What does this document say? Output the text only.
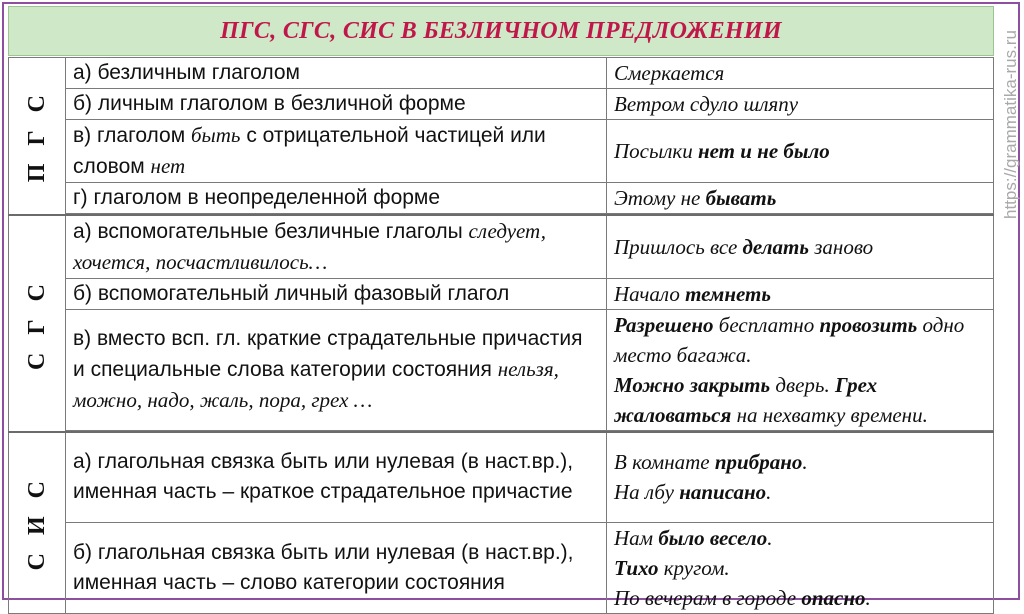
ПГС, СГС, СИС В БЕЗЛИЧНОМ ПРЕДЛОЖЕНИИ
https://grammatika-rus.ru
П Г С	а) безличным глаголом	Смеркается
	б) личным глаголом в безличной форме	Ветром сдуло шляпу
	в) глаголом быть с отрицательной частицей или словом нет	Посылки нет и не было
	г) глаголом в неопределенной форме	Этому не бывать

С Г С	а) вспомогательные безличные глаголы следует, хочется, посчастливилось…	Пришлось все делать заново
	б) вспомогательный личный фазовый глагол	Начало темнеть
	в) вместо всп. гл. краткие страдательные причастия и специальные слова категории состояния нельзя, можно, надо, жаль, пора, грех …	Разрешено бесплатно провозить одно место багажа.
Можно закрыть дверь. Грех жаловаться на нехватку времени.

С И С	а) глагольная связка быть или нулевая (в наст.вр.), именная часть – краткое страдательное причастие	В комнате прибрано.
На лбу написано.
	б) глагольная связка быть или нулевая (в наст.вр.), именная часть – слово категории состояния	Нам было весело.
Тихо кругом.
По вечерам в городе опасно.
